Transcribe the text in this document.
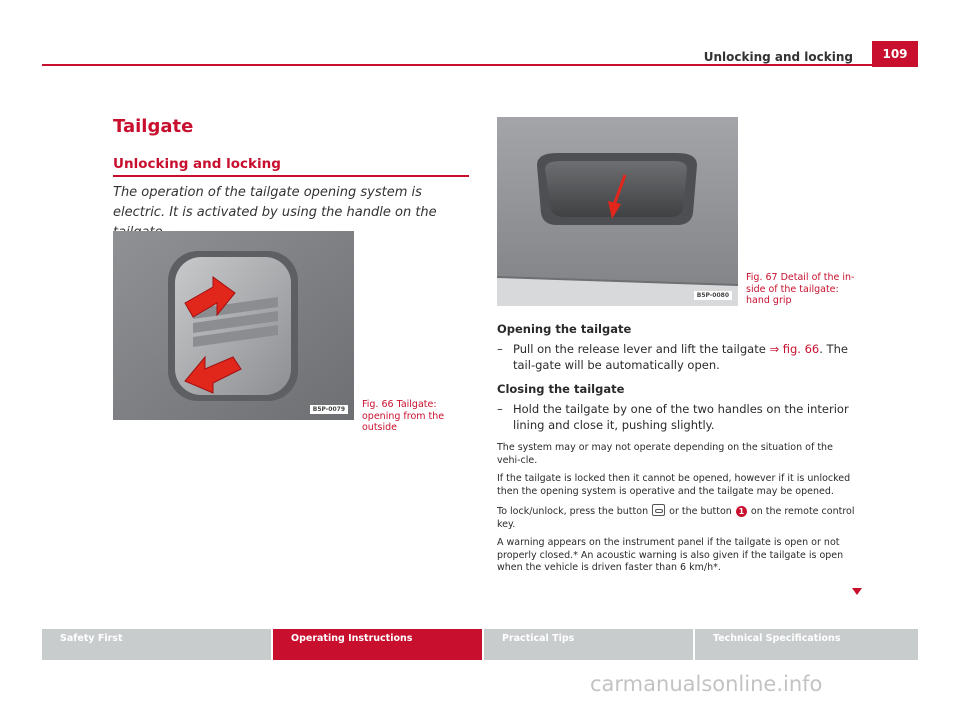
Unlocking and locking	109
Tailgate
Unlocking and locking
The operation of the tailgate opening system is electric. It is activated by using the handle on the
B5P-0079	Fig. 66 Tailgate: opening from the outside
B5P-0080
Fig. 67 Detail of the in-side of the tailgate: hand grip

Opening the tailgate

– Pull on the release lever and lift the tailgate ⇒ fig. 66. The tail-gate will be automatically open.

Closing the tailgate

– Hold the tailgate by one of the two handles on the interior lining and close it, pushing slightly.

The system may or may not operate depending on the situation of the vehi-cle.

If the tailgate is locked then it cannot be opened, however if it is unlocked then the opening system is operative and the tailgate may be opened.

To lock/unlock, press the button  or the button 1 on the remote control key.

A warning appears on the instrument panel if the tailgate is open or not properly closed.* An acoustic warning is also given if the tailgate is open when the vehicle is driven faster than 6 km/h*.

Safety First	Operating Instructions	Practical Tips	Technical Specifications
carmanualsonline.info
